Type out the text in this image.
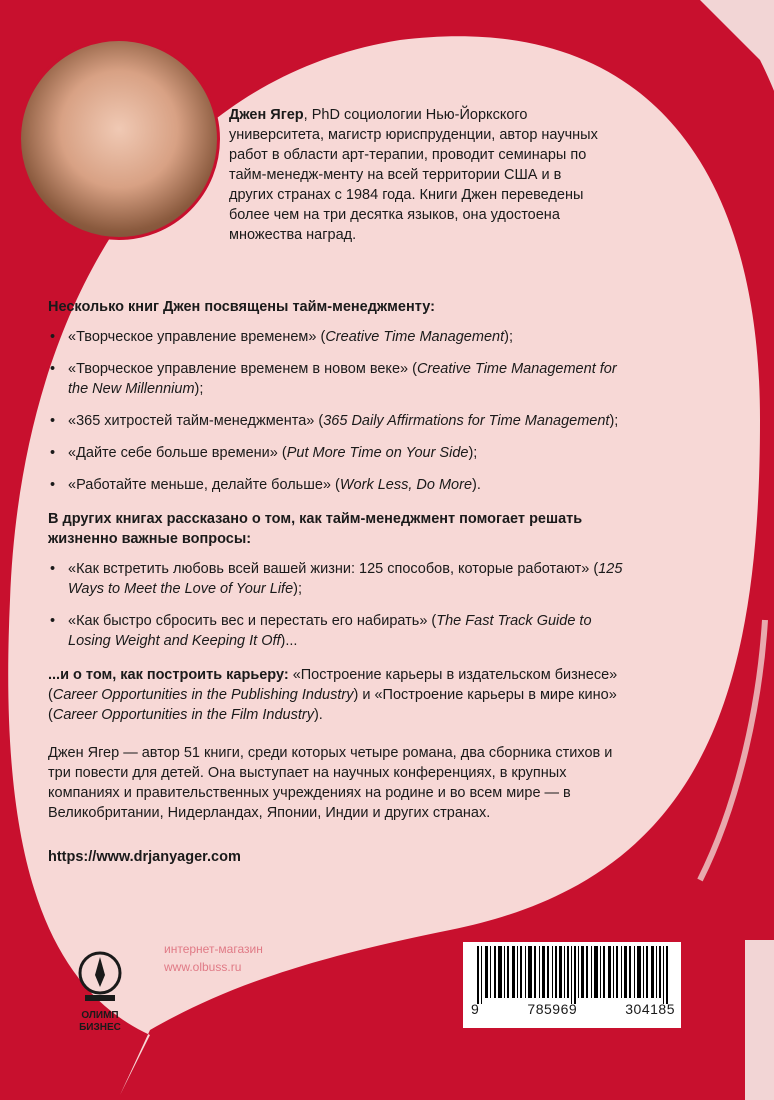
Джен Ягер, PhD социологии Нью-Йоркского университета, магистр юриспруденции, автор научных работ в области арт-терапии, проводит семинары по тайм-менедж-менту на всей территории США и в других странах с 1984 года. Книги Джен переведены более чем на три десятка языков, она удостоена множества наград.

Несколько книг Джен посвящены тайм-менеджменту:

• «Творческое управление временем» (Creative Time Management);
• «Творческое управление временем в новом веке» (Creative Time Management for the New Millennium);
• «365 хитростей тайм-менеджмента» (365 Daily Affirmations for Time Management);
• «Дайте себе больше времени» (Put More Time on Your Side);
• «Работайте меньше, делайте больше» (Work Less, Do More).

В других книгах рассказано о том, как тайм-менеджмент помогает решать жизненно важные вопросы:

• «Как встретить любовь всей вашей жизни: 125 способов, которые работают» (125 Ways to Meet the Love of Your Life);
• «Как быстро сбросить вес и перестать его набирать» (The Fast Track Guide to Losing Weight and Keeping It Off)...

...и о том, как построить карьеру: «Построение карьеры в издательском бизнесе» (Career Opportunities in the Publishing Industry) и «Построение карьеры в мире кино» (Career Opportunities in the Film Industry).

Джен Ягер — автор 51 книги, среди которых четыре романа, два сборника стихов и три повести для детей. Она выступает на научных конференциях, в крупных компаниях и правительственных учреждениях на родине и во всем мире — в Великобритании, Нидерландах, Японии, Индии и других странах.

https://www.drjanyager.com

ОЛИМП
БИЗНЕС
интернет-магазин
www.olbuss.ru
9	785969	304185
